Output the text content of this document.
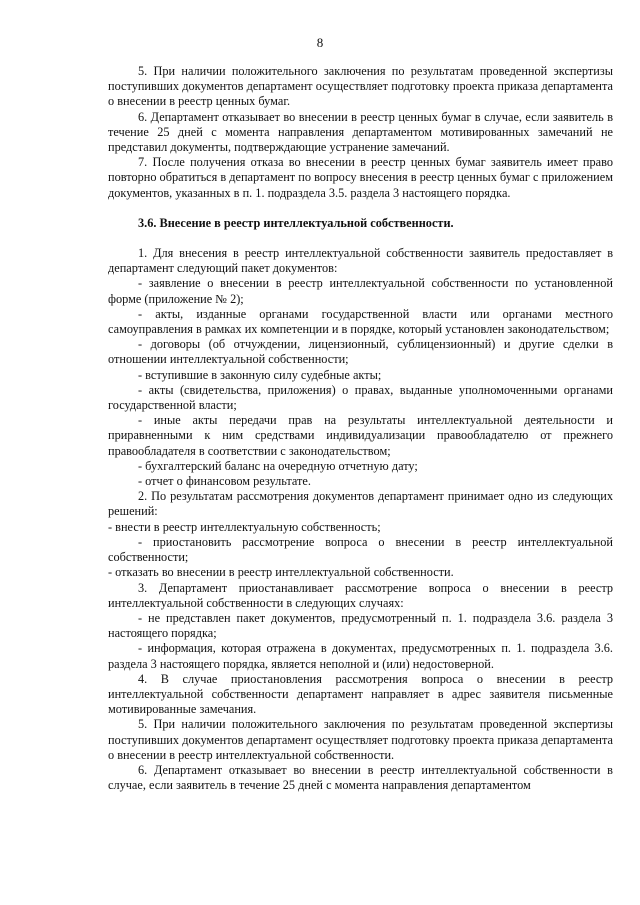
8

5. При наличии положительного заключения по результатам проведенной экспертизы поступивших документов департамент осуществляет подготовку проекта приказа департамента о внесении в реестр ценных бумаг.

6. Департамент отказывает во внесении в реестр ценных бумаг в случае, если заявитель в течение 25 дней с момента направления департаментом мотивированных замечаний не представил документы, подтверждающие устранение замечаний.

7. После получения отказа во внесении в реестр ценных бумаг заявитель имеет право повторно обратиться в департамент по вопросу внесения в реестр ценных бумаг с приложением документов, указанных в п. 1. подраздела 3.5. раздела 3 настоящего порядка.

3.6. Внесение в реестр интеллектуальной собственности.

1. Для внесения в реестр интеллектуальной собственности заявитель предоставляет в департамент следующий пакет документов:

- заявление о внесении в реестр интеллектуальной собственности по установленной форме (приложение № 2);

- акты, изданные органами государственной власти или органами местного самоуправления в рамках их компетенции и в порядке, который установлен законодательством;

- договоры (об отчуждении, лицензионный, сублицензионный) и другие сделки в отношении интеллектуальной собственности;

- вступившие в законную силу судебные акты;

- акты (свидетельства, приложения) о правах, выданные уполномоченными органами государственной власти;

- иные акты передачи прав на результаты интеллектуальной деятельности и приравненными к ним средствами индивидуализации правообладателю от прежнего правообладателя в соответствии с законодательством;

- бухгалтерский баланс на очередную отчетную дату;

- отчет о финансовом результате.

2. По результатам рассмотрения документов департамент принимает одно из следующих решений:

- внести в реестр интеллектуальную собственность;

- приостановить рассмотрение вопроса о внесении в реестр интеллектуальной собственности;

- отказать во внесении в реестр интеллектуальной собственности.

3. Департамент приостанавливает рассмотрение вопроса о внесении в реестр интеллектуальной собственности в следующих случаях:

- не представлен пакет документов, предусмотренный п. 1. подраздела 3.6. раздела 3 настоящего порядка;

- информация, которая отражена в документах, предусмотренных п. 1. подраздела 3.6. раздела 3 настоящего порядка, является неполной и (или) недостоверной.

4. В случае приостановления рассмотрения вопроса о внесении в реестр интеллектуальной собственности департамент направляет в адрес заявителя письменные мотивированные замечания.

5. При наличии положительного заключения по результатам проведенной экспертизы поступивших документов департамент осуществляет подготовку проекта приказа департамента о внесении в реестр интеллектуальной собственности.

6. Департамент отказывает во внесении в реестр интеллектуальной собственности в случае, если заявитель в течение 25 дней с момента направления департаментом
